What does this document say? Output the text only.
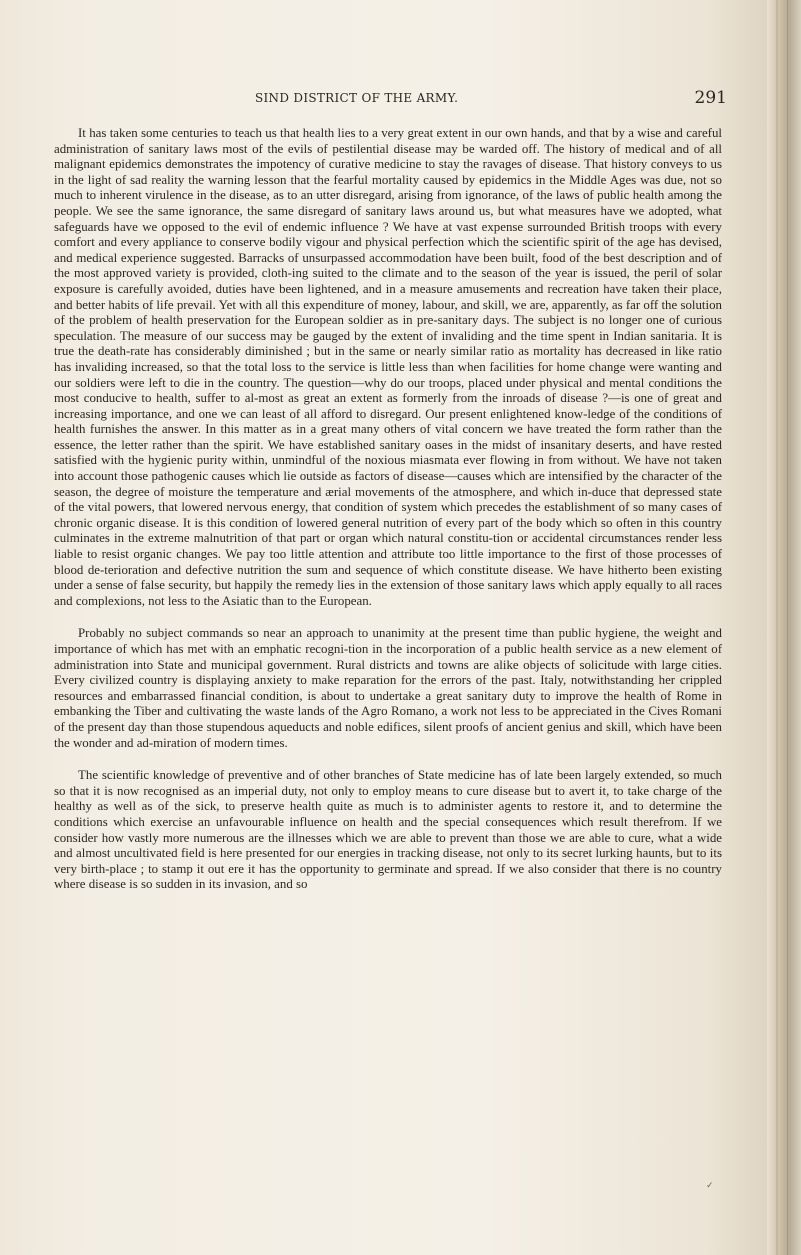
SIND DISTRICT OF THE ARMY.	291

It has taken some centuries to teach us that health lies to a very great extent in our own hands, and that by a wise and careful administration of sanitary laws most of the evils of pestilential disease may be warded off. The history of medical and of all malignant epidemics demonstrates the impotency of curative medicine to stay the ravages of disease. That history conveys to us in the light of sad reality the warning lesson that the fearful mortality caused by epidemics in the Middle Ages was due, not so much to inherent virulence in the disease, as to an utter disregard, arising from ignorance, of the laws of public health among the people. We see the same ignorance, the same disregard of sanitary laws around us, but what measures have we adopted, what safeguards have we opposed to the evil of endemic influence ? We have at vast expense surrounded British troops with every comfort and every appliance to conserve bodily vigour and physical perfection which the scientific spirit of the age has devised, and medical experience suggested. Barracks of unsurpassed accommodation have been built, food of the best description and of the most approved variety is provided, cloth-ing suited to the climate and to the season of the year is issued, the peril of solar exposure is carefully avoided, duties have been lightened, and in a measure amusements and recreation have taken their place, and better habits of life prevail. Yet with all this expenditure of money, labour, and skill, we are, apparently, as far off the solution of the problem of health preservation for the European soldier as in pre-sanitary days. The subject is no longer one of curious speculation. The measure of our success may be gauged by the extent of invaliding and the time spent in Indian sanitaria. It is true the death-rate has considerably diminished ; but in the same or nearly similar ratio as mortality has decreased in like ratio has invaliding increased, so that the total loss to the service is little less than when facilities for home change were wanting and our soldiers were left to die in the country. The question—why do our troops, placed under physical and mental conditions the most conducive to health, suffer to al-most as great an extent as formerly from the inroads of disease ?—is one of great and increasing importance, and one we can least of all afford to disregard. Our present enlightened know-ledge of the conditions of health furnishes the answer. In this matter as in a great many others of vital concern we have treated the form rather than the essence, the letter rather than the spirit. We have established sanitary oases in the midst of insanitary deserts, and have rested satisfied with the hygienic purity within, unmindful of the noxious miasmata ever flowing in from without. We have not taken into account those pathogenic causes which lie outside as factors of disease—causes which are intensified by the character of the season, the degree of moisture the temperature and ærial movements of the atmosphere, and which in-duce that depressed state of the vital powers, that lowered nervous energy, that condition of system which precedes the establishment of so many cases of chronic organic disease. It is this condition of lowered general nutrition of every part of the body which so often in this country culminates in the extreme malnutrition of that part or organ which natural constitu-tion or accidental circumstances render less liable to resist organic changes. We pay too little attention and attribute too little importance to the first of those processes of blood de-terioration and defective nutrition the sum and sequence of which constitute disease. We have hitherto been existing under a sense of false security, but happily the remedy lies in the extension of those sanitary laws which apply equally to all races and complexions, not less to the Asiatic than to the European.

Probably no subject commands so near an approach to unanimity at the present time than public hygiene, the weight and importance of which has met with an emphatic recogni-tion in the incorporation of a public health service as a new element of administration into State and municipal government. Rural districts and towns are alike objects of solicitude with large cities. Every civilized country is displaying anxiety to make reparation for the errors of the past. Italy, notwithstanding her crippled resources and embarrassed financial condition, is about to undertake a great sanitary duty to improve the health of Rome in embanking the Tiber and cultivating the waste lands of the Agro Romano, a work not less to be appreciated in the Cives Romani of the present day than those stupendous aqueducts and noble edifices, silent proofs of ancient genius and skill, which have been the wonder and ad-miration of modern times.

The scientific knowledge of preventive and of other branches of State medicine has of late been largely extended, so much so that it is now recognised as an imperial duty, not only to employ means to cure disease but to avert it, to take charge of the healthy as well as of the sick, to preserve health quite as much is to administer agents to restore it, and to determine the conditions which exercise an unfavourable influence on health and the special consequences which result therefrom. If we consider how vastly more numerous are the illnesses which we are able to prevent than those we are able to cure, what a wide and almost uncultivated field is here presented for our energies in tracking disease, not only to its secret lurking haunts, but to its very birth-place ; to stamp it out ere it has the opportunity to germinate and spread. If we also consider that there is no country where disease is so sudden in its invasion, and so

✓
